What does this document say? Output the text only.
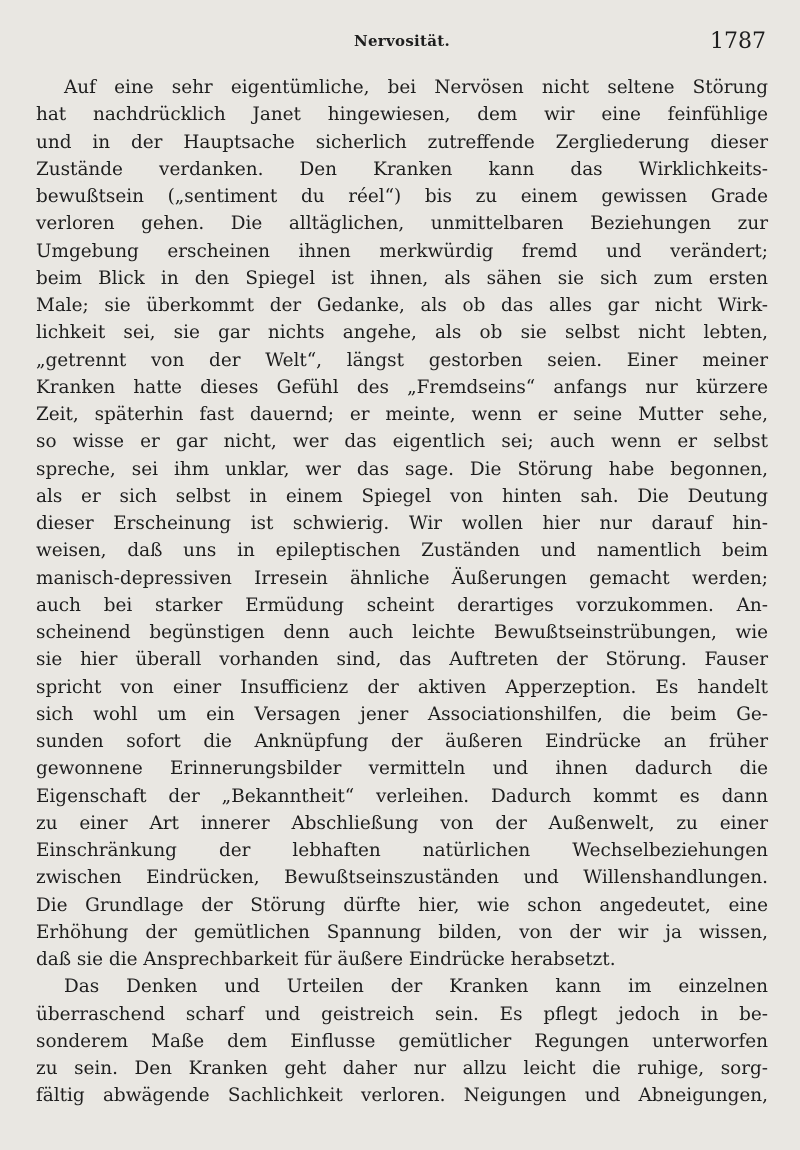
Nervosität.	1787
Auf eine sehr eigentümliche, bei Nervösen nicht seltene Störung
hat nachdrücklich Janet hingewiesen, dem wir eine feinfühlige
und in der Hauptsache sicherlich zutreffende Zergliederung dieser
Zustände verdanken. Den Kranken kann das Wirklichkeits-
bewußtsein („sentiment du réel“) bis zu einem gewissen Grade
verloren gehen. Die alltäglichen, unmittelbaren Beziehungen zur
Umgebung erscheinen ihnen merkwürdig fremd und verändert;
beim Blick in den Spiegel ist ihnen, als sähen sie sich zum ersten
Male; sie überkommt der Gedanke, als ob das alles gar nicht Wirk-
lichkeit sei, sie gar nichts angehe, als ob sie selbst nicht lebten,
„getrennt von der Welt“, längst gestorben seien. Einer meiner
Kranken hatte dieses Gefühl des „Fremdseins“ anfangs nur kürzere
Zeit, späterhin fast dauernd; er meinte, wenn er seine Mutter sehe,
so wisse er gar nicht, wer das eigentlich sei; auch wenn er selbst
spreche, sei ihm unklar, wer das sage. Die Störung habe begonnen,
als er sich selbst in einem Spiegel von hinten sah. Die Deutung
dieser Erscheinung ist schwierig. Wir wollen hier nur darauf hin-
weisen, daß uns in epileptischen Zuständen und namentlich beim
manisch-depressiven Irresein ähnliche Äußerungen gemacht werden;
auch bei starker Ermüdung scheint derartiges vorzukommen. An-
scheinend begünstigen denn auch leichte Bewußtseinstrübungen, wie
sie hier überall vorhanden sind, das Auftreten der Störung. Fauser
spricht von einer Insufficienz der aktiven Apperzeption. Es handelt
sich wohl um ein Versagen jener Associationshilfen, die beim Ge-
sunden sofort die Anknüpfung der äußeren Eindrücke an früher
gewonnene Erinnerungsbilder vermitteln und ihnen dadurch die
Eigenschaft der „Bekanntheit“ verleihen. Dadurch kommt es dann
zu einer Art innerer Abschließung von der Außenwelt, zu einer
Einschränkung der lebhaften natürlichen Wechselbeziehungen
zwischen Eindrücken, Bewußtseinszuständen und Willenshandlungen.
Die Grundlage der Störung dürfte hier, wie schon angedeutet, eine
Erhöhung der gemütlichen Spannung bilden, von der wir ja wissen,
daß sie die Ansprechbarkeit für äußere Eindrücke herabsetzt.
Das Denken und Urteilen der Kranken kann im einzelnen
überraschend scharf und geistreich sein. Es pflegt jedoch in be-
sonderem Maße dem Einflusse gemütlicher Regungen unterworfen
zu sein. Den Kranken geht daher nur allzu leicht die ruhige, sorg-
fältig abwägende Sachlichkeit verloren. Neigungen und Abneigungen,
